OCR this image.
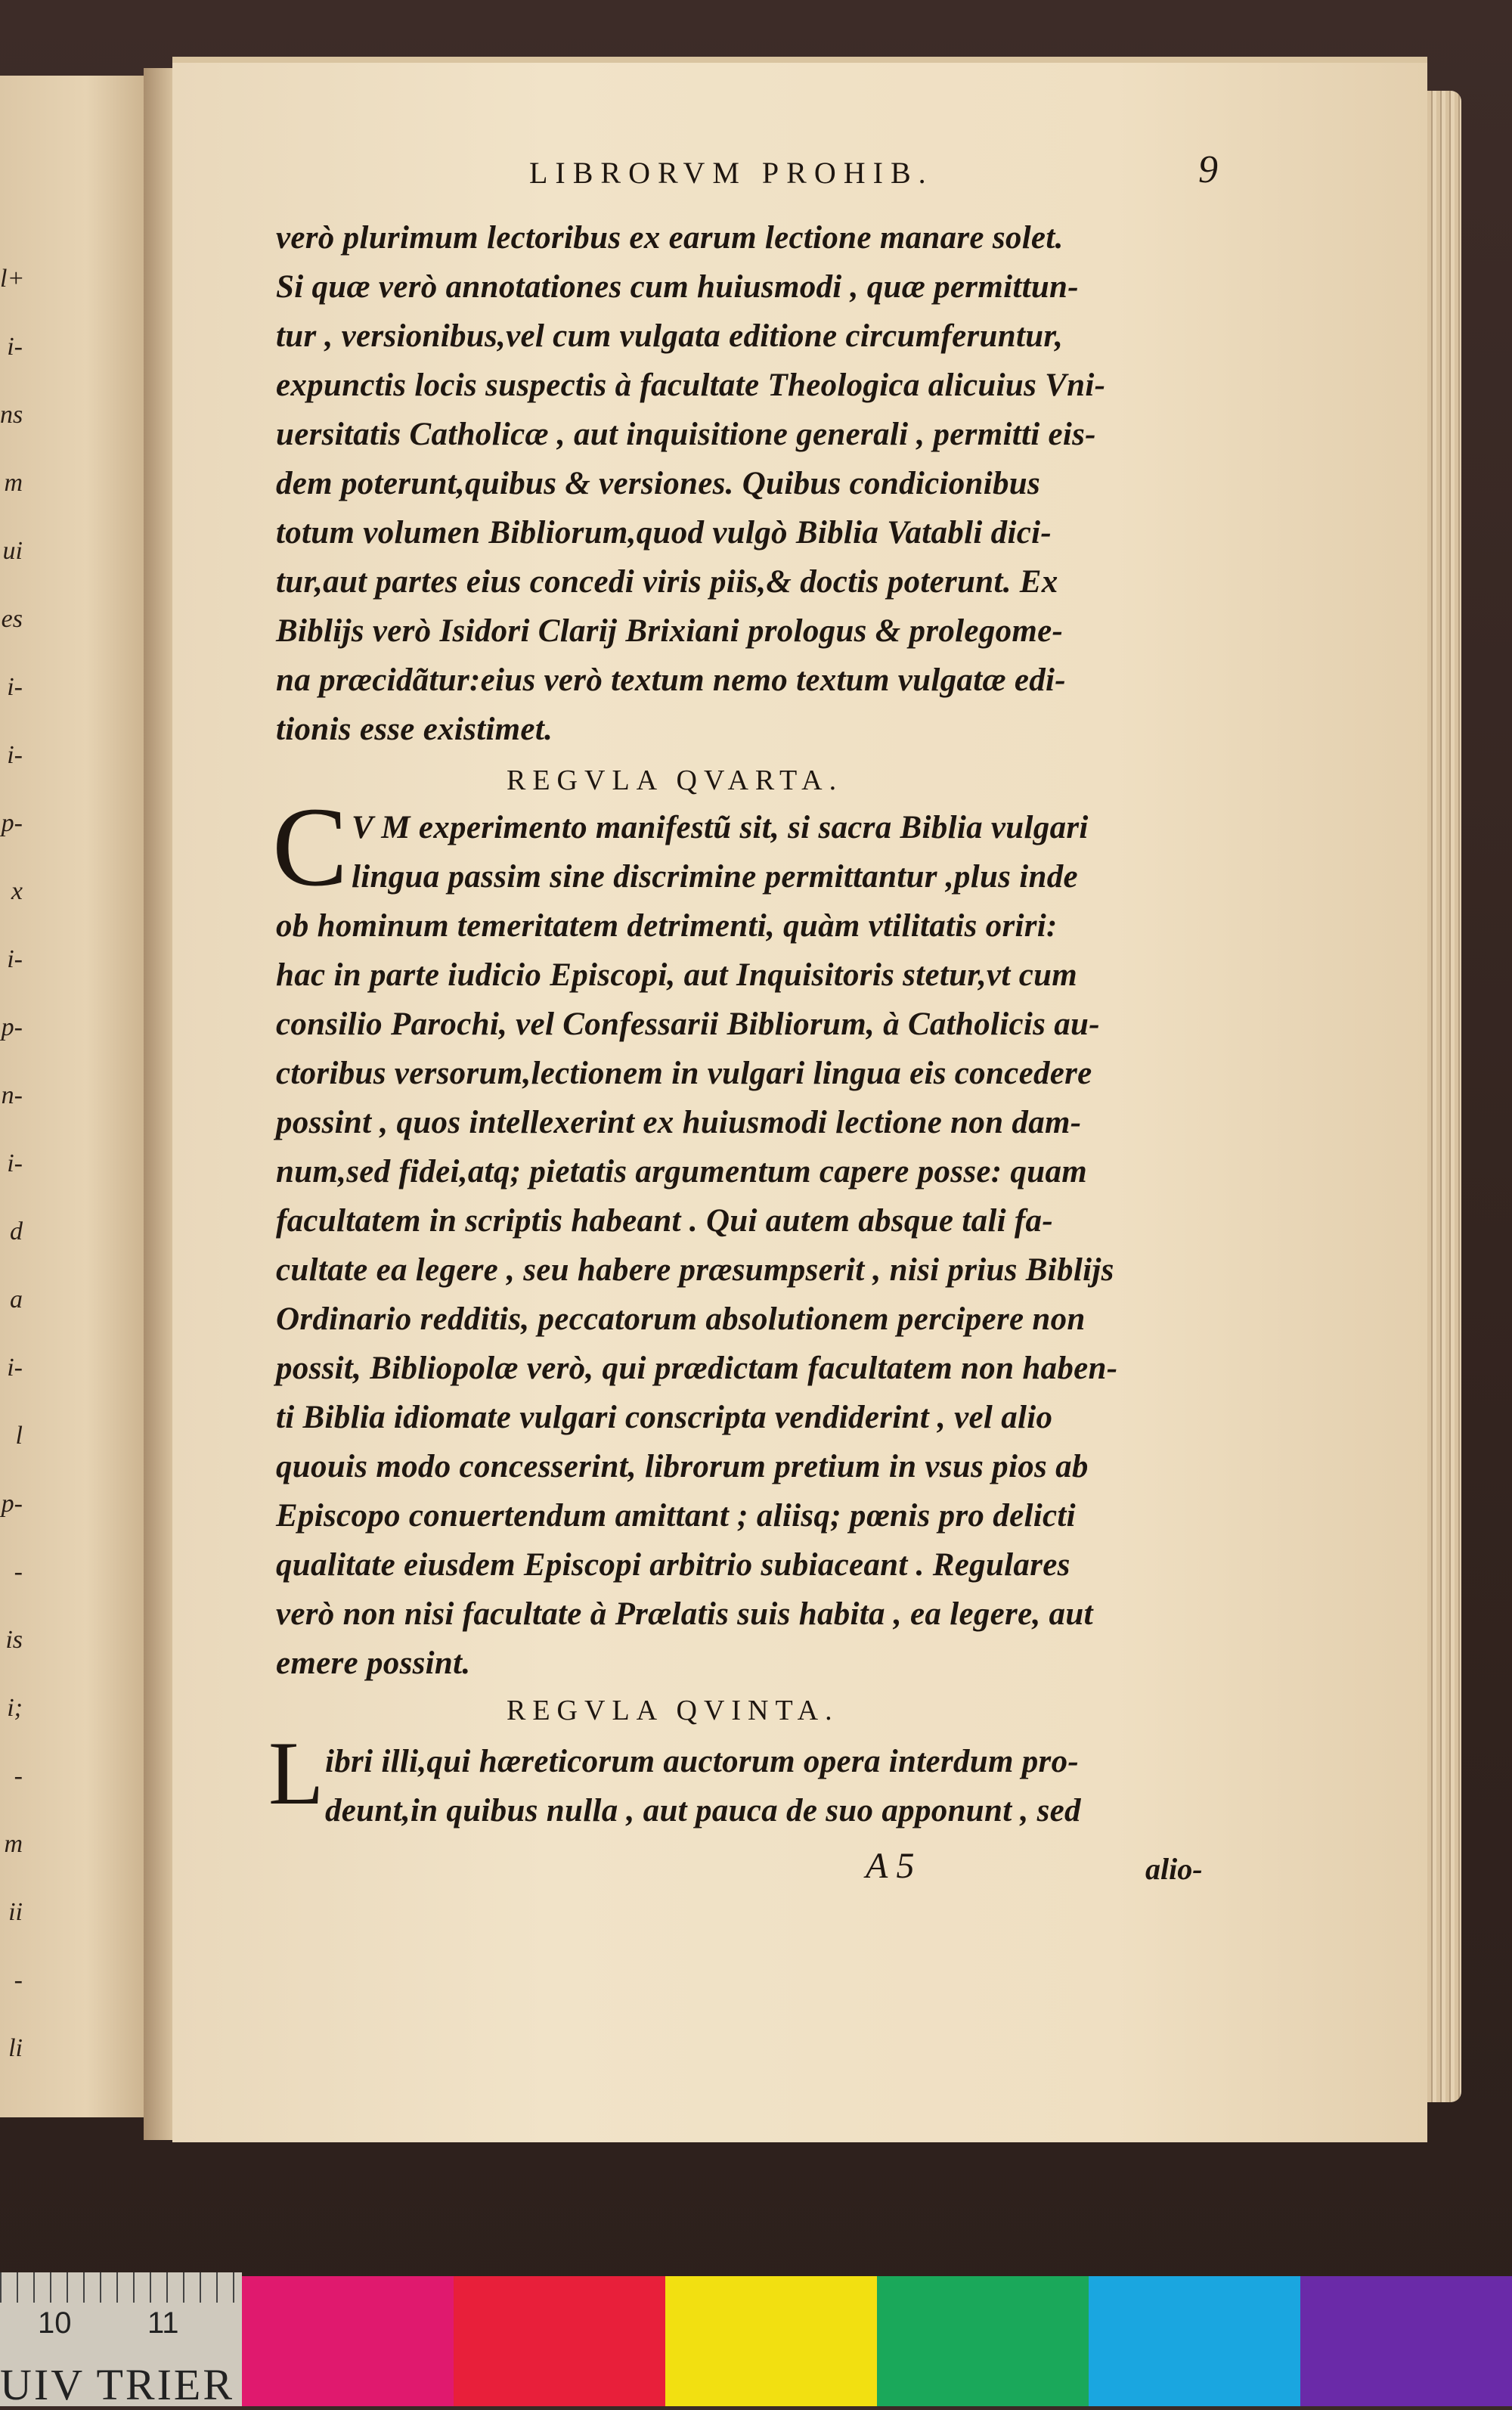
l+
i-
ns
m
ui
es
i-
i-
p-
x
i-
p-
n-
i-
d
a
i-
l
p-
-
is
i;
-
m
ii
-
li
LIBRORVM PROHIB.	9
verò plurimum lectoribus ex earum lectione manare solet.
Si quæ verò annotationes cum huiusmodi , quæ permittun-
tur , versionibus,vel cum vulgata editione circumferuntur,
expunctis locis suspectis à facultate Theologica alicuius Vni-
uersitatis Catholicæ , aut inquisitione generali , permitti eis-
dem poterunt,quibus & versiones. Quibus condicionibus
totum volumen Bibliorum,quod vulgò Biblia Vatabli dici-
tur,aut partes eius concedi viris piis,& doctis poterunt. Ex
Biblijs verò Isidori Clarij Brixiani prologus & prolegome-
na præcidãtur:eius verò textum nemo textum vulgatæ edi-
tionis esse existimet.
REGVLA QVARTA.
C V M experimento manifestũ sit, si sacra Biblia vulgari
lingua passim sine discrimine permittantur ,plus inde
ob hominum temeritatem detrimenti, quàm vtilitatis oriri:
hac in parte iudicio Episcopi, aut Inquisitoris stetur,vt cum
consilio Parochi, vel Confessarii Bibliorum, à Catholicis au-
ctoribus versorum,lectionem in vulgari lingua eis concedere
possint , quos intellexerint ex huiusmodi lectione non dam-
num,sed fidei,atq; pietatis argumentum capere posse: quam
facultatem in scriptis habeant . Qui autem absque tali fa-
cultate ea legere , seu habere præsumpserit , nisi prius Biblijs
Ordinario redditis, peccatorum absolutionem percipere non
possit, Bibliopolæ verò, qui prædictam facultatem non haben-
ti Biblia idiomate vulgari conscripta vendiderint , vel alio
quouis modo concesserint, librorum pretium in vsus pios ab
Episcopo conuertendum amittant ; aliisq; pœnis pro delicti
qualitate eiusdem Episcopi arbitrio subiaceant . Regulares
verò non nisi facultate à Prælatis suis habita , ea legere, aut
emere possint.
REGVLA QVINTA.
L ibri illi,qui hæreticorum auctorum opera interdum pro-
deunt,in quibus nulla , aut pauca de suo apponunt , sed
A 5	alio-
10	11
UIV TRIER
